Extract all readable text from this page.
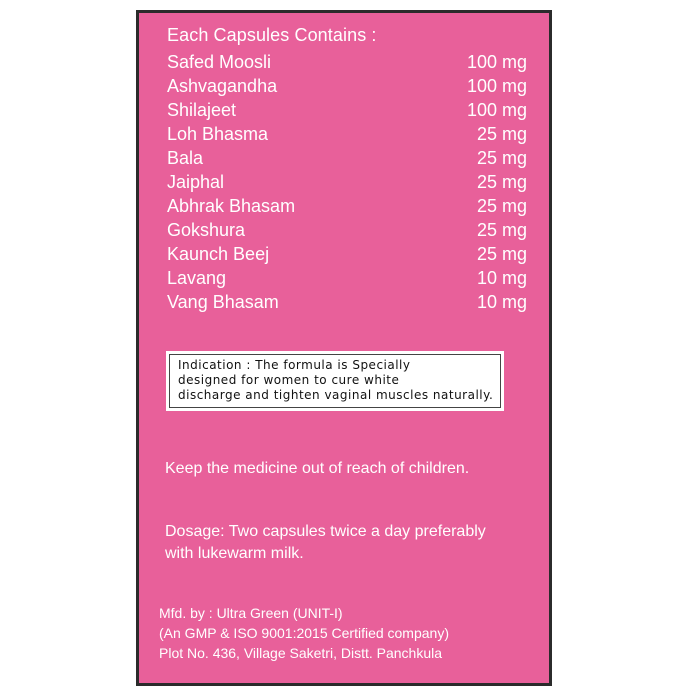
Each Capsules Contains :
Safed Moosli	100 mg
Ashvagandha	100 mg
Shilajeet	100 mg
Loh Bhasma	25 mg
Bala	25 mg
Jaiphal	25 mg
Abhrak Bhasam	25 mg
Gokshura	25 mg
Kaunch Beej	25 mg
Lavang	10 mg
Vang Bhasam	10 mg
Indication : The formula is Specially
designed for women to cure white
discharge and tighten vaginal muscles naturally.
Keep the medicine out of reach of children.
Dosage: Two capsules twice a day preferably
with lukewarm milk.
Mfd. by : Ultra Green (UNIT-I)
(An GMP & ISO 9001:2015 Certified company)
Plot No. 436, Village Saketri, Distt. Panchkula
